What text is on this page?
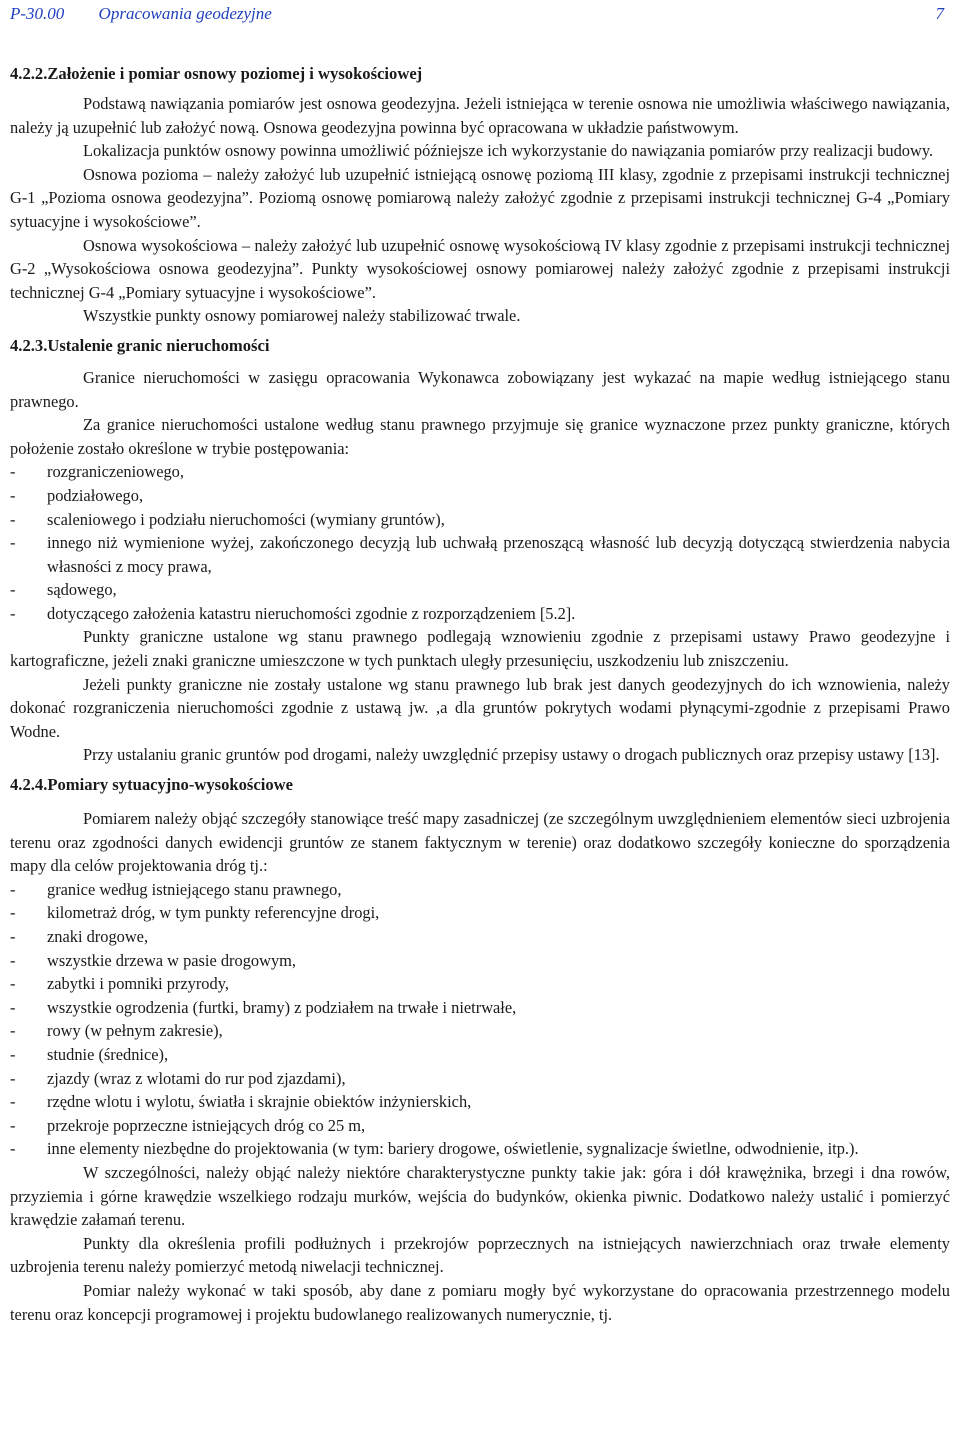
P-30.00 Opracowania geodezyjne	7
4.2.2.Założenie i pomiar osnowy poziomej i wysokościowej

Podstawą nawiązania pomiarów jest osnowa geodezyjna. Jeżeli istniejąca w terenie osnowa nie umożliwia właściwego nawiązania, należy ją uzupełnić lub założyć nową. Osnowa geodezyjna powinna być opracowana w układzie państwowym.

Lokalizacja punktów osnowy powinna umożliwić późniejsze ich wykorzystanie do nawiązania pomiarów przy realizacji budowy.

Osnowa pozioma – należy założyć lub uzupełnić istniejącą osnowę poziomą III klasy, zgodnie z przepisami instrukcji technicznej G-1 „Pozioma osnowa geodezyjna”. Poziomą osnowę pomiarową należy założyć zgodnie z przepisami instrukcji technicznej G-4 „Pomiary sytuacyjne i wysokościowe”.

Osnowa wysokościowa – należy założyć lub uzupełnić osnowę wysokościową IV klasy zgodnie z przepisami instrukcji technicznej G-2 „Wysokościowa osnowa geodezyjna”. Punkty wysokościowej osnowy pomiarowej należy założyć zgodnie z przepisami instrukcji technicznej G-4 „Pomiary sytuacyjne i wysokościowe”.

Wszystkie punkty osnowy pomiarowej należy stabilizować trwale.

4.2.3.Ustalenie granic nieruchomości

Granice nieruchomości w zasięgu opracowania Wykonawca zobowiązany jest wykazać na mapie według istniejącego stanu prawnego.

Za granice nieruchomości ustalone według stanu prawnego przyjmuje się granice wyznaczone przez punkty graniczne, których położenie zostało określone w trybie postępowania:

- rozgraniczeniowego,
- podziałowego,
- scaleniowego i podziału nieruchomości (wymiany gruntów),
- innego niż wymienione wyżej, zakończonego decyzją lub uchwałą przenoszącą własność lub decyzją dotyczącą stwierdzenia nabycia własności z mocy prawa,
- sądowego,
- dotyczącego założenia katastru nieruchomości zgodnie z rozporządzeniem [5.2].

Punkty graniczne ustalone wg stanu prawnego podlegają wznowieniu zgodnie z przepisami ustawy Prawo geodezyjne i kartograficzne, jeżeli znaki graniczne umieszczone w tych punktach uległy przesunięciu, uszkodzeniu lub zniszczeniu.

Jeżeli punkty graniczne nie zostały ustalone wg stanu prawnego lub brak jest danych geodezyjnych do ich wznowienia, należy dokonać rozgraniczenia nieruchomości zgodnie z ustawą jw. ,a dla gruntów pokrytych wodami płynącymi-zgodnie z przepisami Prawo Wodne.

Przy ustalaniu granic gruntów pod drogami, należy uwzględnić przepisy ustawy o drogach publicznych oraz przepisy ustawy [13].

4.2.4.Pomiary sytuacyjno-wysokościowe

Pomiarem należy objąć szczegóły stanowiące treść mapy zasadniczej (ze szczególnym uwzględnieniem elementów sieci uzbrojenia terenu oraz zgodności danych ewidencji gruntów ze stanem faktycznym w terenie) oraz dodatkowo szczegóły konieczne do sporządzenia mapy dla celów projektowania dróg tj.:

- granice według istniejącego stanu prawnego,
- kilometraż dróg, w tym punkty referencyjne drogi,
- znaki drogowe,
- wszystkie drzewa w pasie drogowym,
- zabytki i pomniki przyrody,
- wszystkie ogrodzenia (furtki, bramy) z podziałem na trwałe i nietrwałe,
- rowy (w pełnym zakresie),
- studnie (średnice),
- zjazdy (wraz z wlotami do rur pod zjazdami),
- rzędne wlotu i wylotu, światła i skrajnie obiektów inżynierskich,
- przekroje poprzeczne istniejących dróg co 25 m,
- inne elementy niezbędne do projektowania (w tym: bariery drogowe, oświetlenie, sygnalizacje świetlne, odwodnienie, itp.).

W szczególności, należy objąć należy niektóre charakterystyczne punkty takie jak: góra i dół krawężnika, brzegi i dna rowów, przyziemia i górne krawędzie wszelkiego rodzaju murków, wejścia do budynków, okienka piwnic. Dodatkowo należy ustalić i pomierzyć krawędzie załamań terenu.

Punkty dla określenia profili podłużnych i przekrojów poprzecznych na istniejących nawierzchniach oraz trwałe elementy uzbrojenia terenu należy pomierzyć metodą niwelacji technicznej.

Pomiar należy wykonać w taki sposób, aby dane z pomiaru mogły być wykorzystane do opracowania przestrzennego modelu terenu oraz koncepcji programowej i projektu budowlanego realizowanych numerycznie, tj.
